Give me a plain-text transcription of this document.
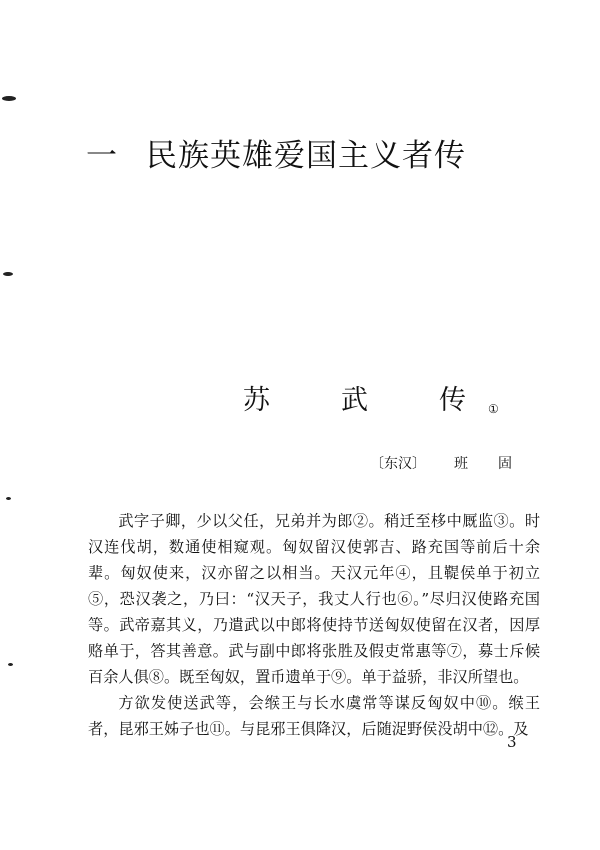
一 民族英雄爱国主义者传
苏　武　传①
〔东汉〕 班　固

武字子卿，少以父任，兄弟并为郎②。稍迁至栘中厩监③。时汉连伐胡，数通使相窥观。匈奴留汉使郭吉、路充国等前后十余辈。匈奴使来，汉亦留之以相当。天汉元年④，且鞮侯单于初立⑤，恐汉袭之，乃曰：“汉天子，我丈人行也⑥。”尽归汉使路充国等。武帝嘉其义，乃遣武以中郎将使持节送匈奴使留在汉者，因厚赂单于，答其善意。武与副中郎将张胜及假吏常惠等⑦，募士斥候百余人俱⑧。既至匈奴，置币遗单于⑨。单于益骄，非汉所望也。

方欲发使送武等，会缑王与长水虞常等谋反匈奴中⑩。缑王者，昆邪王姊子也⑪。与昆邪王俱降汉，后随浞野侯没胡中⑫。及

3
